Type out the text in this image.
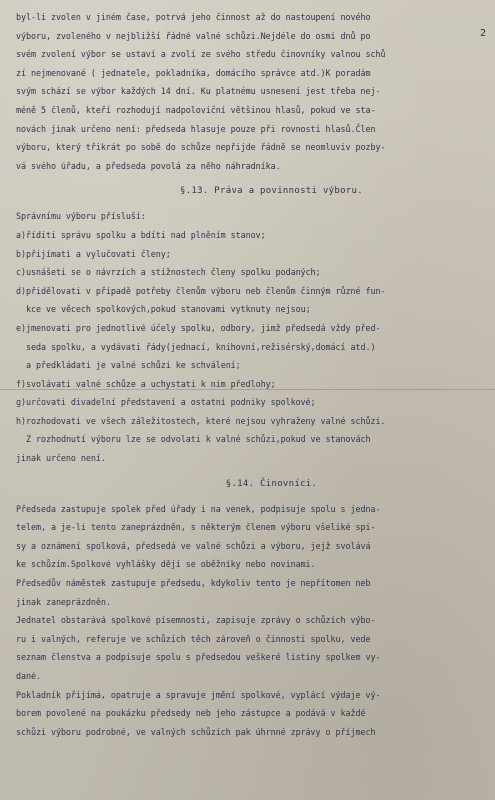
2
byl-li zvolen v jiném čase, potrvá jeho činnost až do nastoupení nového
výboru, zvoleného v nejbližší řádné valné schůzi.Nejdéle do osmi dnů po
svém zvolení výbor se ustaví a zvolí ze svého středu činovníky valnou schů
zí nejmenované ( jednatele, pokladníka, domácího správce atd.)K poradám
svým schází se výbor každých 14 dní. Ku platnému usnesení jest třeba nej-
méně 5 členů, kteří rozhodují nadpoloviční většinou hlasů, pokud ve sta-
novách jinak určeno není: předseda hlasuje pouze při rovnosti hlasů.Člen
výboru, který třikrát po sobě do schůze nepřijde řádně se neomluviv pozby-
vá svého úřadu, a předseda povolá za něho náhradníka.
§.13. Práva a povinnosti výboru.
Správnímu výboru přísluší:
a)říditi správu spolku a bdíti nad plněním stanov;
b)přijímati a vylučovati členy;
c)usnášeti se o návrzích a stížnostech členy spolku podaných;
d)přidělovati v případě potřeby členům výboru neb členům činným různé fun-
kce ve věcech spolkových,pokud stanovami vytknuty nejsou;
e)jmenovati pro jednotlivé účely spolku, odbory, jimž předsedá vždy před-
seda spolku, a vydávati řády(jednací, knihovní,režisérský,domácí atd.)
a předkládati je valné schůzi ke schválení;
f)svolávati valné schůze a uchystati k nim předlohy;
g)určovati divadelní představení a ostatní podniky spolkové;
h)rozhodovati ve všech záležitostech, které nejsou vyhraženy valné schůzi.
Z rozhodnutí výboru lze se odvolati k valné schůzi,pokud ve stanovách
jinak určeno není.
§.14. Činovníci.
Předseda zastupuje spolek před úřady i na venek, podpisuje spolu s jedna-
telem, a je-li tento zaneprázdněn, s některým členem výboru všeliké spi-
sy a oznámení spolková, předsedá ve valné schůzi a výboru, jejž svolává
ke schůzím.Spolkové vyhlášky dějí se oběžníky nebo novinami.
Předsedův náměstek zastupuje předsedu, kdykoliv tento je nepřítomen neb
jinak zaneprázdněn.
Jednatel obstarává spolkové písemnosti, zapisuje zprávy o schůzích výbo-
ru i valných, referuje ve schůzích těch zároveň o činnosti spolku, vede
seznam členstva a podpisuje spolu s předsedou veškeré listiny spolkem vy-
dané.
Pokladník přijímá, opatruje a spravuje jmění spolkové, vyplácí výdaje vý-
borem povolené na poukázku předsedy neb jeho zástupce a podává v každé
schůzi výboru podrobné, ve valných schůzích pak úhrnné zprávy o příjmech
